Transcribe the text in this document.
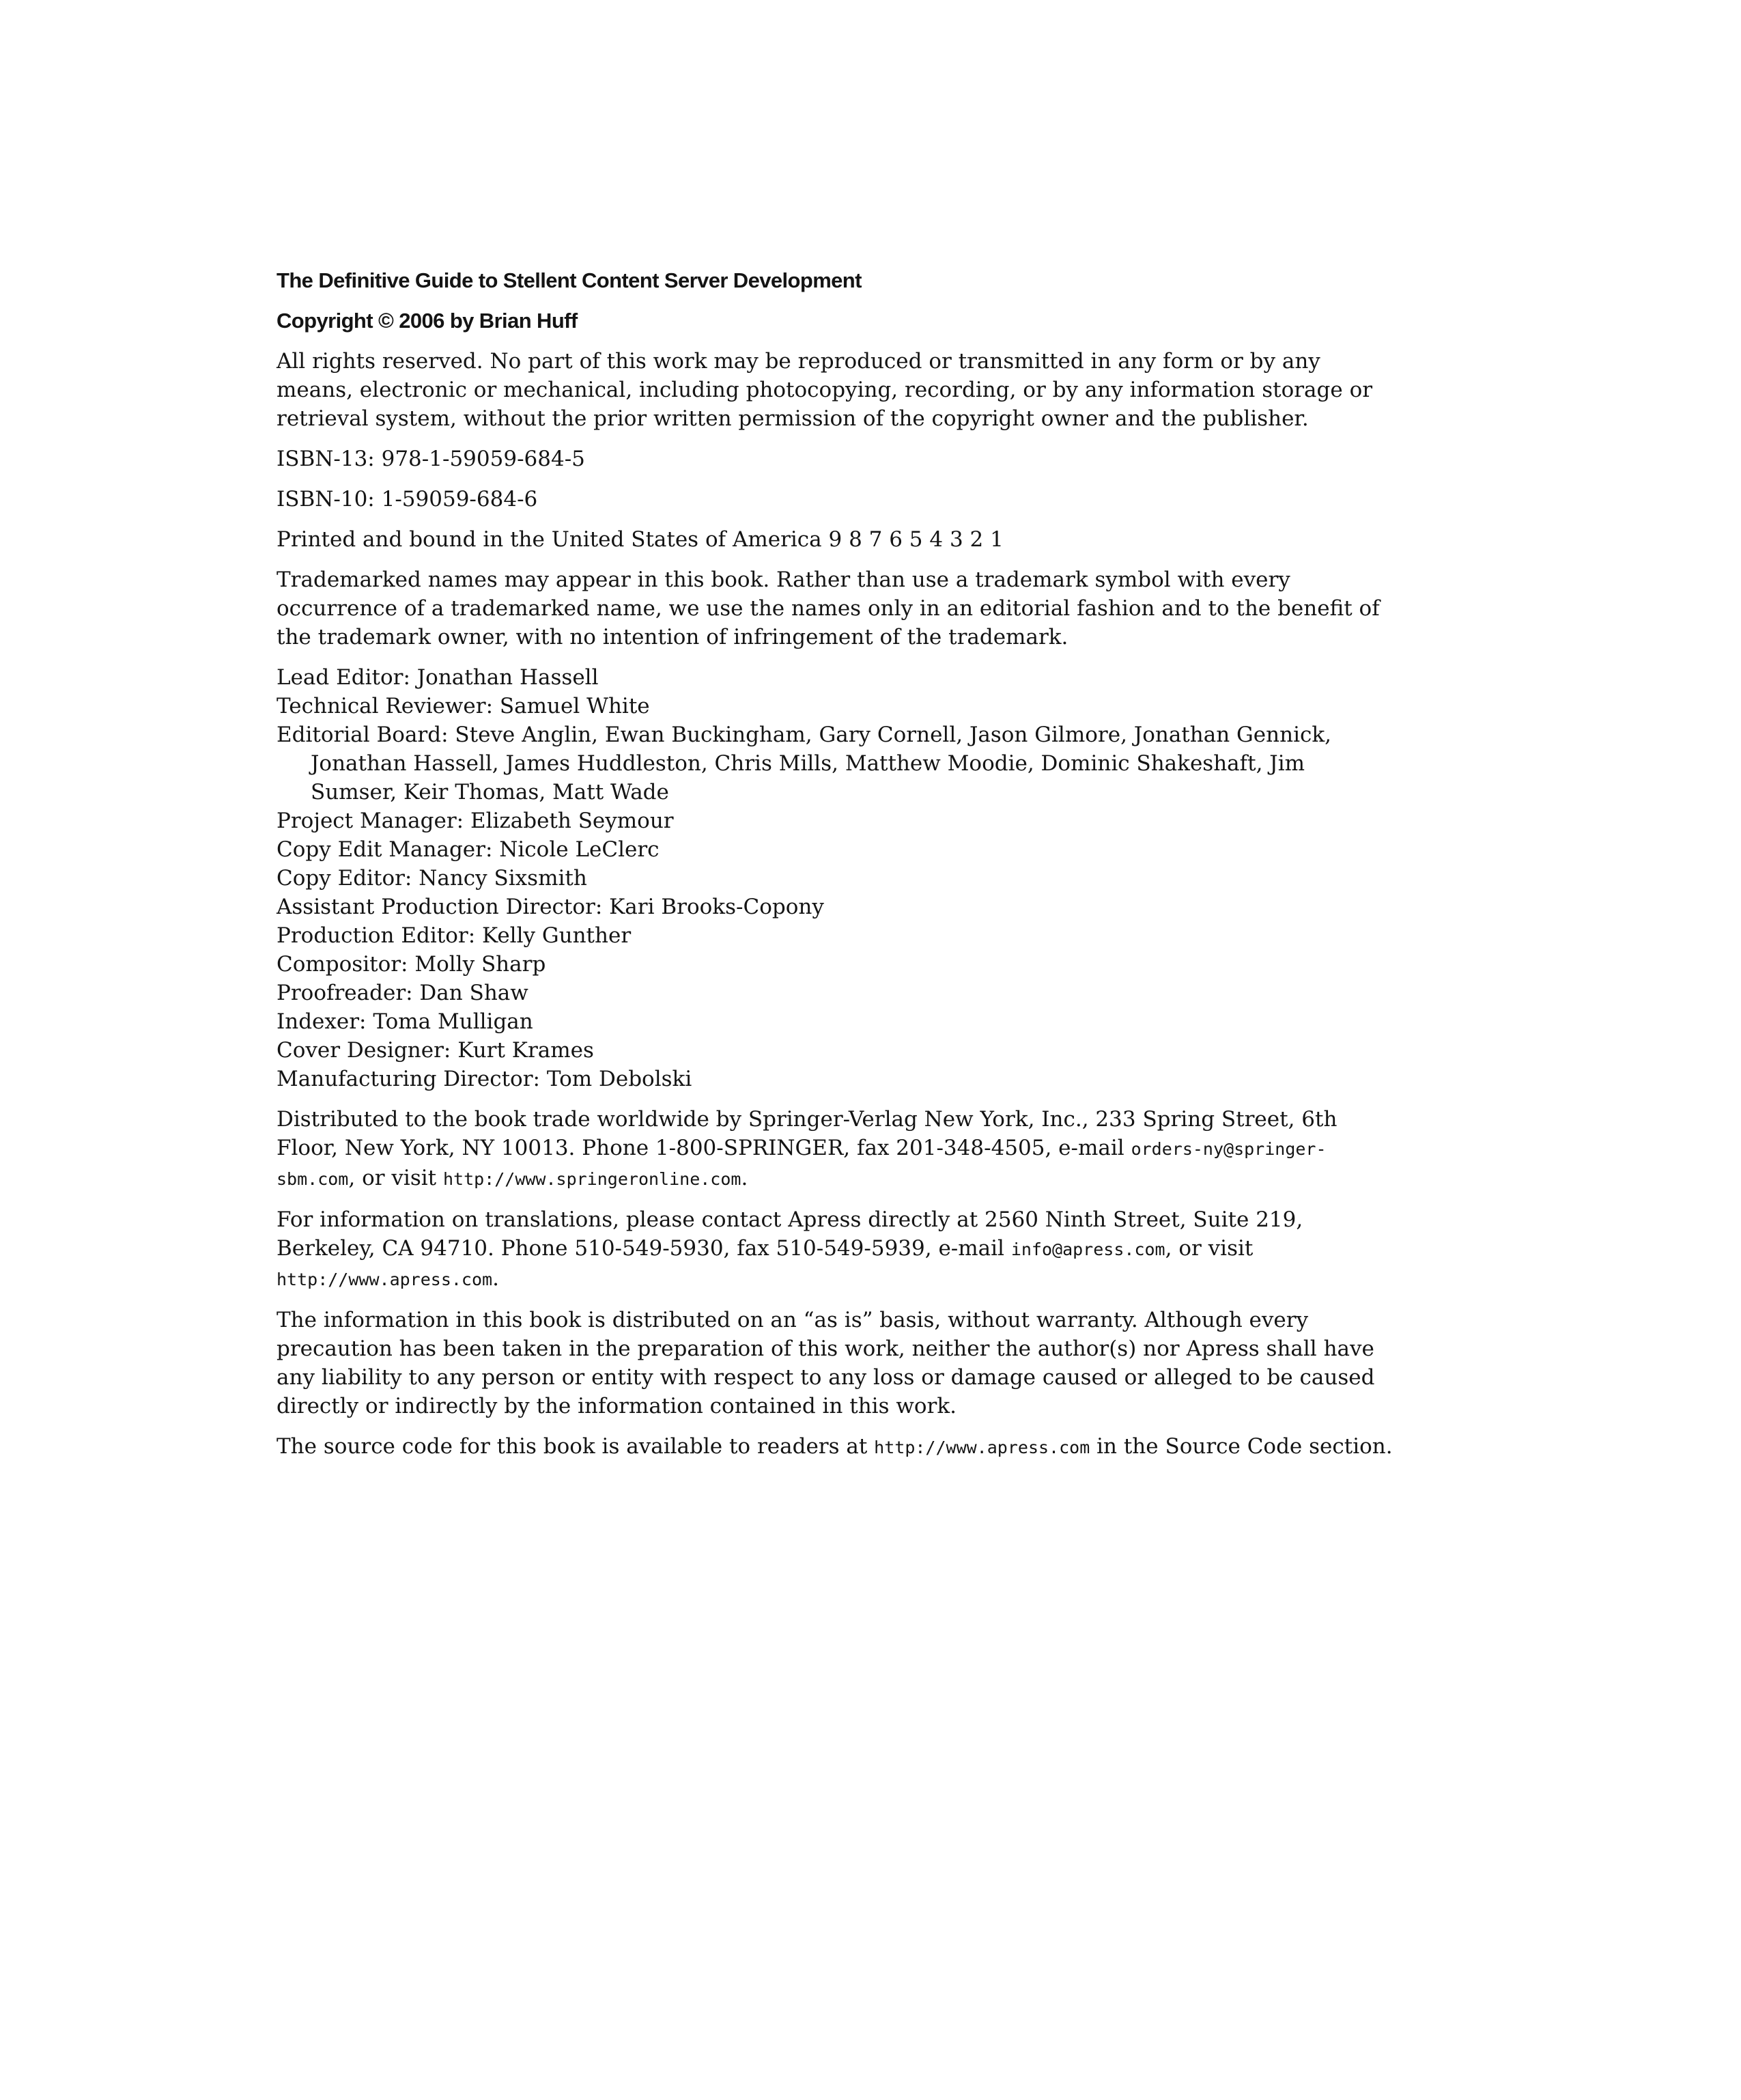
The Definitive Guide to Stellent Content Server Development
Copyright © 2006 by Brian Huff

All rights reserved. No part of this work may be reproduced or transmitted in any form or by any means, electronic or mechanical, including photocopying, recording, or by any information storage or retrieval system, without the prior written permission of the copyright owner and the publisher.

ISBN-13: 978-1-59059-684-5

ISBN-10: 1-59059-684-6

Printed and bound in the United States of America 9 8 7 6 5 4 3 2 1

Trademarked names may appear in this book. Rather than use a trademark symbol with every occurrence of a trademarked name, we use the names only in an editorial fashion and to the benefit of the trademark owner, with no intention of infringement of the trademark.

Lead Editor: Jonathan Hassell
Technical Reviewer: Samuel White
Editorial Board: Steve Anglin, Ewan Buckingham, Gary Cornell, Jason Gilmore, Jonathan Gennick, Jonathan Hassell, James Huddleston, Chris Mills, Matthew Moodie, Dominic Shakeshaft, Jim Sumser, Keir Thomas, Matt Wade
Project Manager: Elizabeth Seymour
Copy Edit Manager: Nicole LeClerc
Copy Editor: Nancy Sixsmith
Assistant Production Director: Kari Brooks-Copony
Production Editor: Kelly Gunther
Compositor: Molly Sharp
Proofreader: Dan Shaw
Indexer: Toma Mulligan
Cover Designer: Kurt Krames
Manufacturing Director: Tom Debolski

Distributed to the book trade worldwide by Springer-Verlag New York, Inc., 233 Spring Street, 6th Floor, New York, NY 10013. Phone 1-800-SPRINGER, fax 201-348-4505, e-mail orders-ny@springer-sbm.com, or visit http://www.springeronline.com.

For information on translations, please contact Apress directly at 2560 Ninth Street, Suite 219, Berkeley, CA 94710. Phone 510-549-5930, fax 510-549-5939, e-mail info@apress.com, or visit http://www.apress.com.

The information in this book is distributed on an “as is” basis, without warranty. Although every precaution has been taken in the preparation of this work, neither the author(s) nor Apress shall have any liability to any person or entity with respect to any loss or damage caused or alleged to be caused directly or indirectly by the information contained in this work.

The source code for this book is available to readers at http://www.apress.com in the Source Code section.
